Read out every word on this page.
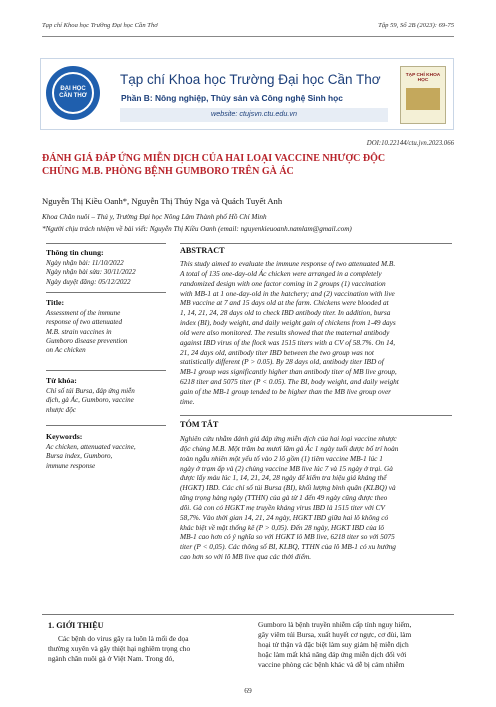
Tạp chí Khoa học Trường Đại học Cần Thơ	Tập 59, Số 2B (2023): 69-75
ĐẠI HỌC CẦN THƠ
Tạp chí Khoa học Trường Đại học Cần Thơ
Phần B: Nông nghiệp, Thủy sản và Công nghệ Sinh học
website: ctujsvn.ctu.edu.vn
TẠP CHÍ KHOA HỌC
DOI:10.22144/ctu.jvn.2023.066
ĐÁNH GIÁ ĐÁP ỨNG MIỄN DỊCH CỦA HAI LOẠI VACCINE NHƯỢC ĐỘC
CHỦNG M.B. PHÒNG BỆNH GUMBORO TRÊN GÀ ÁC
Nguyễn Thị Kiều Oanh*, Nguyễn Thị Thúy Nga và Quách Tuyết Anh
Khoa Chăn nuôi – Thú y, Trường Đại học Nông Lâm Thành phố Hồ Chí Minh
*Người chịu trách nhiệm về bài viết: Nguyễn Thị Kiều Oanh (email: nguyenkieuoanh.namlam@gmail.com)
Thông tin chung:
Ngày nhận bài: 11/10/2022
Ngày nhận bài sửa: 30/11/2022
Ngày duyệt đăng: 05/12/2022
Title:
Assessment of the immune
response of two attenuated
M.B. strain vaccines in
Gumboro disease prevention
on Ac chicken
Từ khóa:
Chỉ số túi Bursa, đáp ứng miễn
dịch, gà Ác, Gumboro, vaccine
nhược độc
Keywords:
Ac chicken, attenuated vaccine,
Bursa index, Gumboro,
immune response
ABSTRACT
This study aimed to evaluate the immune response of two attenuated M.B.
A total of 135 one-day-old Ác chicken were arranged in a completely
randomized design with one factor coming in 2 groups (1) vaccination
with MB-1 at 1 one-day-old in the hatchery; and (2) vaccination with live
MB vaccine at 7 and 15 days old at the farm. Chickens were blooded at
1, 14, 21, 24, 28 days old to check IBD antibody titer. In addition, bursa
index (BI), body weight, and daily weight gain of chickens from 1-49 days
old were also monitored. The results showed that the maternal antibody
against IBD virus of the flock was 1515 titers with a CV of 58.7%. On 14,
21, 24 days old, antibody titer IBD between the two group was not
statistically different (P > 0.05). By 28 days old, antibody titer IBD of
MB-1 group was significantly higher than antibody titer of MB live group,
6218 titer and 5075 titer (P < 0.05). The BI, body weight, and daily weight
gain of the MB-1 group tended to be higher than the MB live group over
time.
TÓM TẮT
Nghiên cứu nhằm đánh giá đáp ứng miễn dịch của hai loại vaccine nhược
độc chủng M.B. Một trăm ba mươi lăm gà Ác 1 ngày tuổi được bố trí hoàn
toàn ngẫu nhiên một yếu tố vào 2 lô gồm (1) tiêm vaccine MB-1 lúc 1
ngày ở trạm ấp và (2) chủng vaccine MB live lúc 7 và 15 ngày ở trại. Gà
được lấy máu lúc 1, 14, 21, 24, 28 ngày để kiểm tra hiệu giá kháng thể
(HGKT) IBD. Các chỉ số túi Bursa (BI), khối lượng bình quân (KLBQ) và
tăng trọng hàng ngày (TTHN) của gà từ 1 đến 49 ngày cũng được theo
dõi. Gà con có HGKT mẹ truyền kháng virus IBD là 1515 titer với CV
58,7%. Vào thời gian 14, 21, 24 ngày, HGKT IBD giữa hai lô không có
khác biệt về mặt thống kê (P > 0,05). Đến 28 ngày, HGKT IBD của lô
MB-1 cao hơn có ý nghĩa so với HGKT lô MB live, 6218 titer so với 5075
titer (P < 0,05). Các thông số BI, KLBQ, TTHN của lô MB-1 có xu hướng
cao hơn so với lô MB live qua các thời điểm.
1. GIỚI THIỆU
Các bệnh do virus gây ra luôn là mối đe dọa
thường xuyên và gây thiệt hại nghiêm trọng cho
ngành chăn nuôi gà ở Việt Nam. Trong đó,
Gumboro là bệnh truyền nhiễm cấp tính nguy hiểm,
gây viêm túi Bursa, xuất huyết cơ ngực, cơ đùi, làm
hoại tử thận và đặc biệt làm suy giảm hệ miễn dịch
hoặc làm mất khả năng đáp ứng miễn dịch đối với
vaccine phòng các bệnh khác và dễ bị cảm nhiễm
69
